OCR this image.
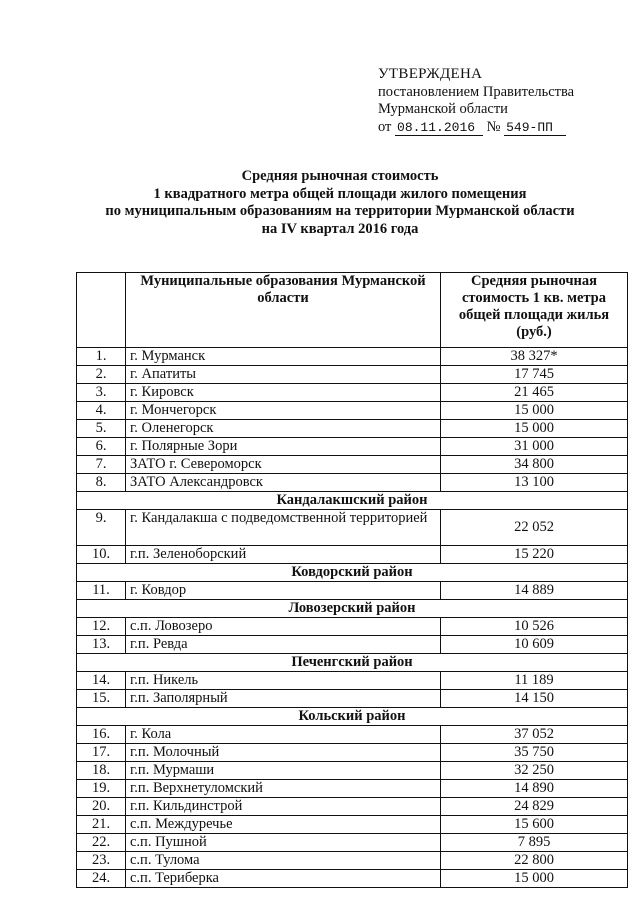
УТВЕРЖДЕНА
постановлением Правительства
Мурманской области
от 08.11.2016 № 549-ПП
Средняя рыночная стоимость
1 квадратного метра общей площади жилого помещения
по муниципальным образованиям на территории Мурманской области
на IV квартал 2016 года
	Муниципальные образования Мурманской области	Средняя рыночная стоимость 1 кв. метра общей площади жилья (руб.)
1.	г. Мурманск	38 327*
2.	г. Апатиты	17 745
3.	г. Кировск	21 465
4.	г. Мончегорск	15 000
5.	г. Оленегорск	15 000
6.	г. Полярные Зори	31 000
7.	ЗАТО г. Североморск	34 800
8.	ЗАТО Александровск	13 100
Кандалакшский район		
9.	г. Кандалакша с подведомственной территорией	22 052
10.	г.п. Зеленоборский	15 220
Ковдорский район		
11.	г. Ковдор	14 889
Ловозерский район		
12.	с.п. Ловозеро	10 526
13.	г.п. Ревда	10 609
Печенгский район		
14.	г.п. Никель	11 189
15.	г.п. Заполярный	14 150
Кольский район		
16.	г. Кола	37 052
17.	г.п. Молочный	35 750
18.	г.п. Мурмаши	32 250
19.	г.п. Верхнетуломский	14 890
20.	г.п. Кильдинстрой	24 829
21.	с.п. Междуречье	15 600
22.	с.п. Пушной	7 895
23.	с.п. Тулома	22 800
24.	с.п. Териберка	15 000
